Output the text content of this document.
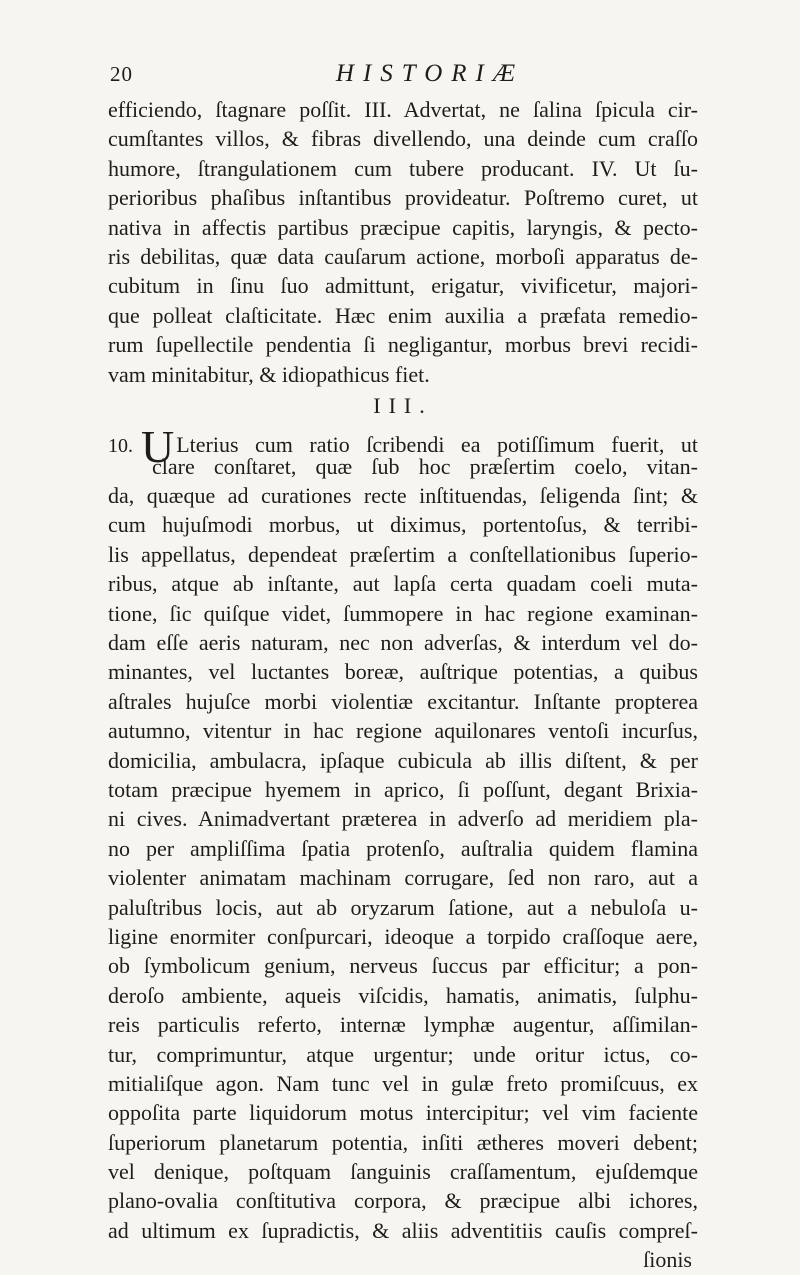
20	HISTORIÆ
efficiendo, ſtagnare poſſit. III. Advertat, ne ſalina ſpicula cir-
cumſtantes villos, & fibras divellendo, una deinde cum craſſo
humore, ſtrangulationem cum tubere producant. IV. Ut ſu-
perioribus phaſibus inſtantibus provideatur. Poſtremo curet, ut
nativa in affectis partibus præcipue capitis, laryngis, & pecto-
ris debilitas, quæ data cauſarum actione, morboſi apparatus de-
cubitum in ſinu ſuo admittunt, erigatur, vivificetur, majori-
que polleat claſticitate. Hæc enim auxilia a præfata remedio-
rum ſupellectile pendentia ſi negligantur, morbus brevi recidi-
vam minitabitur, & idiopathicus fiet.
III.
10. U Lterius cum ratio ſcribendi ea potiſſimum fuerit, ut
clare conſtaret, quæ ſub hoc præſertim coelo, vitan-
da, quæque ad curationes recte inſtituendas, ſeligenda ſint; &
cum hujuſmodi morbus, ut diximus, portentoſus, & terribi-
lis appellatus, dependeat præſertim a conſtellationibus ſuperio-
ribus, atque ab inſtante, aut lapſa certa quadam coeli muta-
tione, ſic quiſque videt, ſummopere in hac regione examinan-
dam eſſe aeris naturam, nec non adverſas, & interdum vel do-
minantes, vel luctantes boreæ, auſtrique potentias, a quibus
aſtrales hujuſce morbi violentiæ excitantur. Inſtante propterea
autumno, vitentur in hac regione aquilonares ventoſi incurſus,
domicilia, ambulacra, ipſaque cubicula ab illis diſtent, & per
totam præcipue hyemem in aprico, ſi poſſunt, degant Brixia-
ni cives. Animadvertant præterea in adverſo ad meridiem pla-
no per ampliſſima ſpatia protenſo, auſtralia quidem flamina
violenter animatam machinam corrugare, ſed non raro, aut a
paluſtribus locis, aut ab oryzarum ſatione, aut a nebuloſa u-
ligine enormiter conſpurcari, ideoque a torpido craſſoque aere,
ob ſymbolicum genium, nerveus ſuccus par efficitur; a pon-
deroſo ambiente, aqueis viſcidis, hamatis, animatis, ſulphu-
reis particulis referto, internæ lymphæ augentur, aſſimilan-
tur, comprimuntur, atque urgentur; unde oritur ictus, co-
mitialiſque agon. Nam tunc vel in gulæ freto promiſcuus, ex
oppoſita parte liquidorum motus intercipitur; vel vim faciente
ſuperiorum planetarum potentia, inſiti ætheres moveri debent;
vel denique, poſtquam ſanguinis craſſamentum, ejuſdemque
plano-ovalia conſtitutiva corpora, & præcipue albi ichores,
ad ultimum ex ſupradictis, & aliis adventitiis cauſis compreſ-
ſionis
